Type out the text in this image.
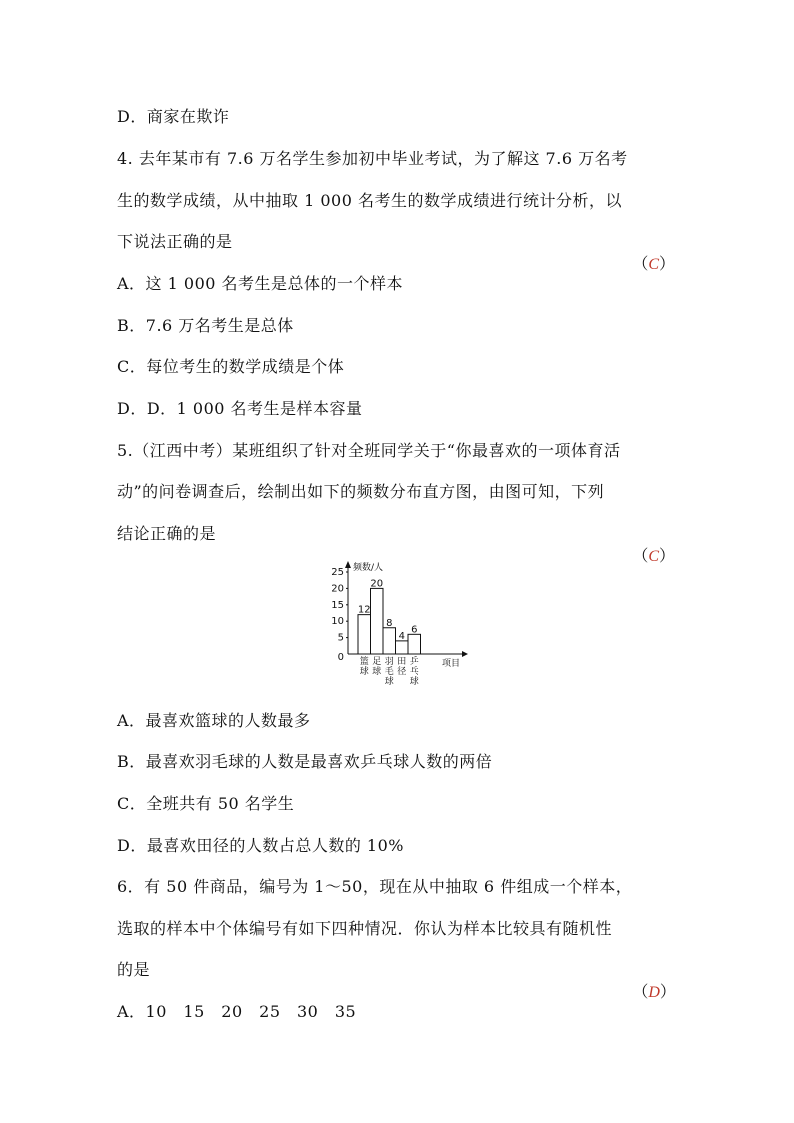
D．商家在欺诈
4. 去年某市有 7.6 万名学生参加初中毕业考试，为了解这 7.6 万名考
生的数学成绩，从中抽取 1 000 名考生的数学成绩进行统计分析，以
下说法正确的是

（C）

A．这 1 000 名考生是总体的一个样本
B．7.6 万名考生是总体
C．每位考生的数学成绩是个体
D．D．1 000 名考生是样本容量
5.（江西中考）某班组织了针对全班同学关于“你最喜欢的一项体育活
动”的问卷调查后，绘制出如下的频数分布直方图，由图可知，下列
结论正确的是

（C）

频数/人
项目
0
5
10
15
20
25
12
篮
球
20
足
球
8
羽
毛
球
4
田
径
6
乒
乓
球
A．最喜欢篮球的人数最多
B．最喜欢羽毛球的人数是最喜欢乒乓球人数的两倍
C．全班共有 50 名学生
D．最喜欢田径的人数占总人数的 10%
6．有 50 件商品，编号为 1～50，现在从中抽取 6 件组成一个样本，
选取的样本中个体编号有如下四种情况．你认为样本比较具有随机性
的是

（D）

A．10　15　20　25　30　35
